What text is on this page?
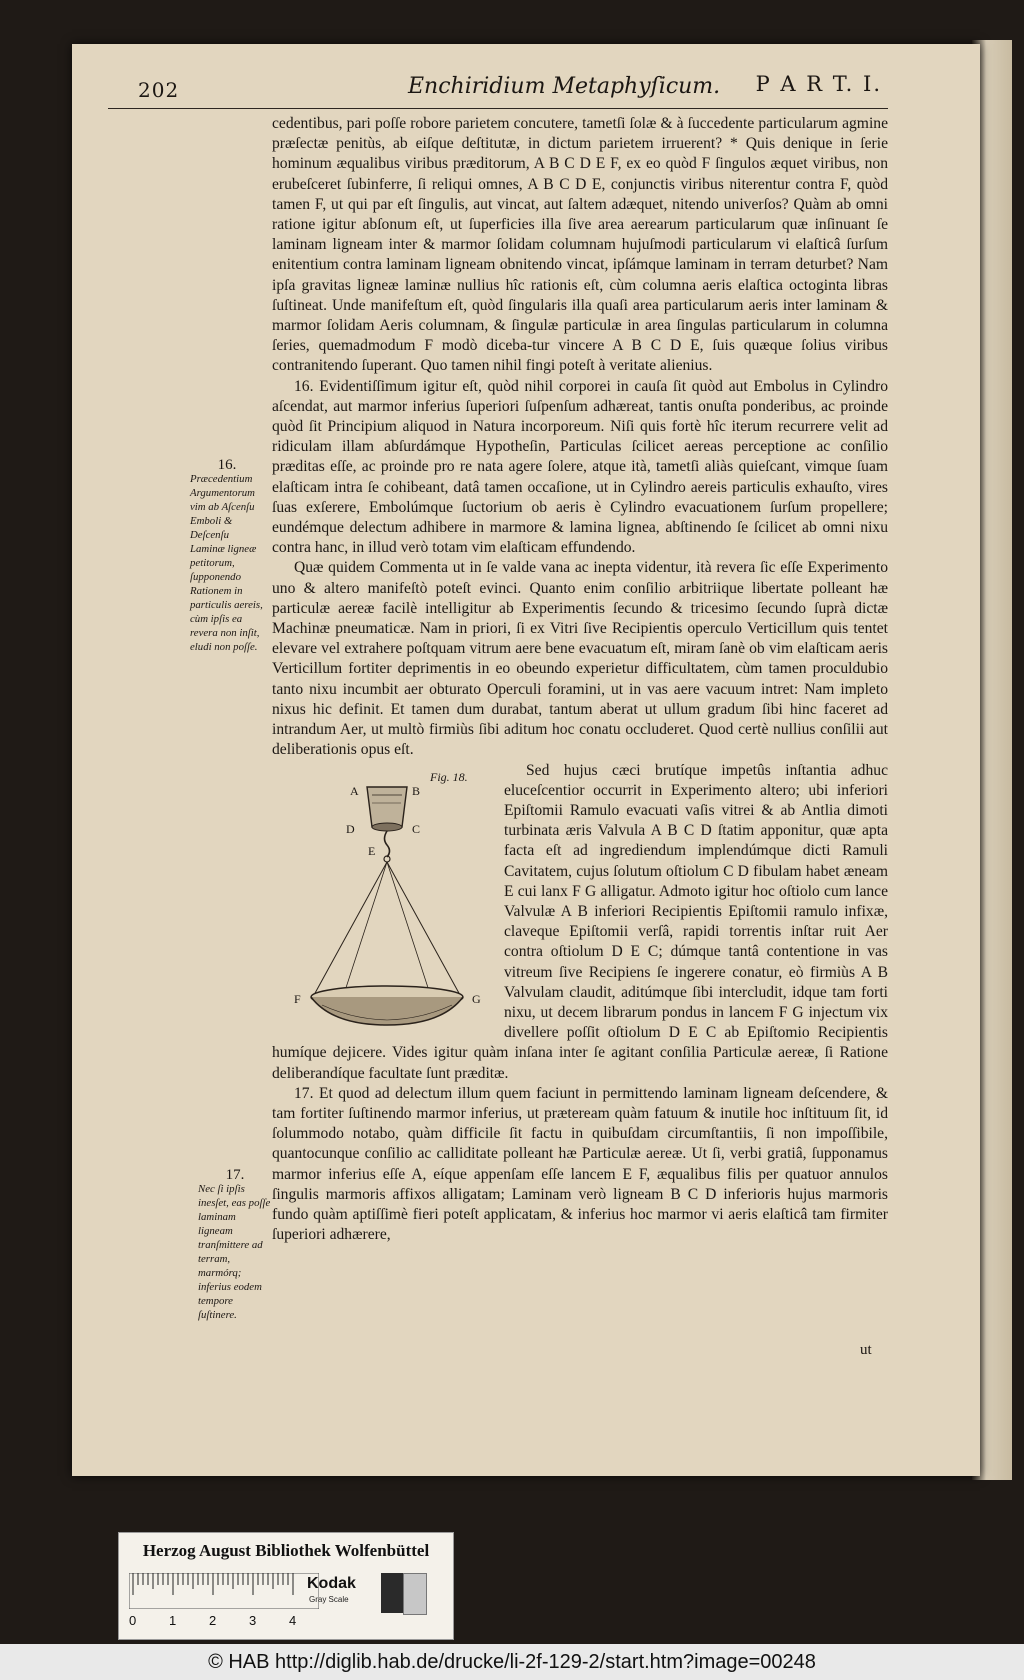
202	Enchiridium Metaphyſicum. P A R T. I.
16.
Præcedentium Argumentorum vim ab Aſcenſu Emboli & Deſcenſu Laminæ ligneæ petitorum, ſupponendo Rationem in particulis aereis, cùm ipſis ea revera non inſit, eludi non poſſe.
17.
Nec ſi ipſis inesſet, eas poſſe laminam ligneam tranſmittere ad terram, marmórq; inferius eodem tempore ſuſtinere.

cedentibus, pari poſſe robore parietem concutere, tametſi ſolæ & à ſuccedente particularum agmine præſectæ penitùs, ab eiſque deſtitutæ, in dictum parietem irruerent? * Quis denique in ſerie hominum æqualibus viribus præditorum, A B C D E F, ex eo quòd F ſingulos æquet viribus, non erubeſceret ſubinferre, ſi reliqui omnes, A B C D E, conjunctis viribus niterentur contra F, quòd tamen F, ut qui par eſt ſingulis, aut vincat, aut ſaltem adæquet, nitendo univerſos? Quàm ab omni ratione igitur abſonum eſt, ut ſuperficies illa ſive area aerearum particularum quæ inſinuant ſe laminam ligneam inter & marmor ſolidam columnam hujuſmodi particularum vi elaſticâ ſurſum enitentium contra laminam ligneam obnitendo vincat, ipſámque laminam in terram deturbet? Nam ipſa gravitas ligneæ laminæ nullius hîc rationis eſt, cùm columna aeris elaſtica octoginta libras ſuſtineat. Unde manifeſtum eſt, quòd ſingularis illa quaſi area particularum aeris inter laminam & marmor ſolidam Aeris columnam, & ſingulæ particulæ in area ſingulas particularum in columna ſeries, quemadmodum F modò diceba-tur vincere A B C D E, ſuis quæque ſolius viribus contranitendo ſuperant. Quo tamen nihil fingi poteſt à veritate alienius.

16. Evidentiſſimum igitur eſt, quòd nihil corporei in cauſa ſit quòd aut Embolus in Cylindro aſcendat, aut marmor inferius ſuperiori ſuſpenſum adhæreat, tantis onuſta ponderibus, ac proinde quòd ſit Principium aliquod in Natura incorporeum. Niſi quis fortè hîc iterum recurrere velit ad ridiculam illam abſurdámque Hypotheſin, Particulas ſcilicet aereas perceptione ac conſilio præditas eſſe, ac proinde pro re nata agere ſolere, atque ità, tametſi aliàs quieſcant, vimque ſuam elaſticam intra ſe cohibeant, datâ tamen occaſione, ut in Cylindro aereis particulis exhauſto, vires ſuas exſerere, Embolúmque ſuctorium ob aeris è Cylindro evacuationem ſurſum propellere; eundémque delectum adhibere in marmore & lamina lignea, abſtinendo ſe ſcilicet ab omni nixu contra hanc, in illud verò totam vim elaſticam effundendo.

Quæ quidem Commenta ut in ſe valde vana ac inepta videntur, ità revera ſic eſſe Experimento uno & altero manifeſtò poteſt evinci. Quanto enim conſilio arbitriique libertate polleant hæ particulæ aereæ facilè intelligitur ab Experimentis ſecundo & tricesimo ſecundo ſuprà dictæ Machinæ pneumaticæ. Nam in priori, ſi ex Vitri ſive Recipientis operculo Verticillum quis tentet elevare vel extrahere poſtquam vitrum aere bene evacuatum eſt, miram ſanè ob vim elaſticam aeris Verticillum fortiter deprimentis in eo obeundo experietur difficultatem, cùm tamen proculdubio tanto nixu incumbit aer obturato Operculi foramini, ut in vas aere vacuum intret: Nam impleto nixus hic definit. Et tamen dum durabat, tantum aberat ut ullum gradum ſibi hinc faceret ad intrandum Aer, ut multò firmiùs ſibi aditum hoc conatu occluderet. Quod certè nullius conſilii aut deliberationis opus eſt.

Fig. 18.
A	B
C
D
E
F	G

Sed hujus cæci brutíque impetûs inſtantia adhuc eluceſcentior occurrit in Experimento altero; ubi inferiori Epiſtomii Ramulo evacuati vaſis vitrei & ab Antlia dimoti turbinata æris Valvula A B C D ſtatim apponitur, quæ apta facta eſt ad ingrediendum implendúmque dicti Ramuli Cavitatem, cujus ſolutum oſtiolum C D fibulam habet æneam E cui lanx F G alligatur. Admoto igitur hoc oſtiolo cum lance Valvulæ A B inferiori Recipientis Epiſtomii ramulo infixæ, claveque Epiſtomii verſâ, rapidi torrentis inſtar ruit Aer contra oſtiolum D E C; dúmque tantâ contentione in vas vitreum ſive Recipiens ſe ingerere conatur, eò firmiùs A B Valvulam claudit, aditúmque ſibi intercludit, idque tam forti nixu, ut decem librarum pondus in lancem F G injectum vix divellere poſſit oſtiolum D E C ab Epiſtomio Recipientis humíque dejicere. Vides igitur quàm inſana inter ſe agitant conſilia Particulæ aereæ, ſi Ratione deliberandíque facultate ſunt præditæ.

17. Et quod ad delectum illum quem faciunt in permittendo laminam ligneam deſcendere, & tam fortiter ſuſtinendo marmor inferius, ut præteream quàm fatuum & inutile hoc inſtituum ſit, id ſolummodo notabo, quàm difficile ſit factu in quibuſdam circumſtantiis, ſi non impoſſibile, quantocunque conſilio ac calliditate polleant hæ Particulæ aereæ. Ut ſi, verbi gratiâ, ſupponamus marmor inferius eſſe A, eíque appenſam eſſe lancem E F, æqualibus filis per quatuor annulos ſingulis marmoris affixos alligatam; Laminam verò ligneam B C D inferioris hujus marmoris fundo quàm aptiſſimè fieri poteſt applicatam, & inferius hoc marmor vi aeris elaſticâ tam firmiter ſuperiori adhærere,

ut
Herzog August Bibliothek Wolfenbüttel
0	1	2	3	4
Kodak
Gray Scale
© HAB http://diglib.hab.de/drucke/li-2f-129-2/start.htm?image=00248
